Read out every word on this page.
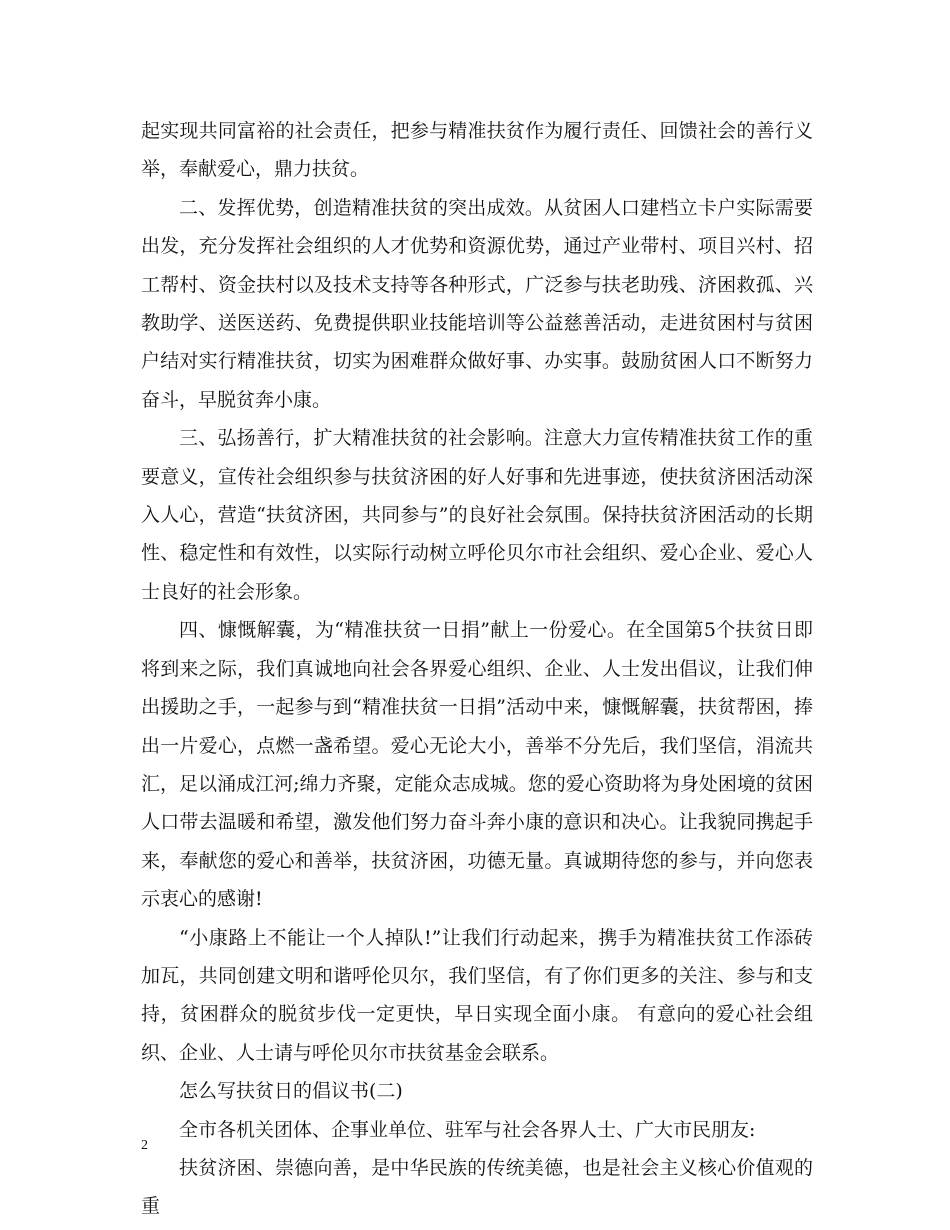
起实现共同富裕的社会责任，把参与精准扶贫作为履行责任、回馈社会的善行义举，奉献爱心，鼎力扶贫。

二、发挥优势，创造精准扶贫的突出成效。从贫困人口建档立卡户实际需要出发，充分发挥社会组织的人才优势和资源优势，通过产业带村、项目兴村、招工帮村、资金扶村以及技术支持等各种形式，广泛参与扶老助残、济困救孤、兴教助学、送医送药、免费提供职业技能培训等公益慈善活动，走进贫困村与贫困户结对实行精准扶贫，切实为困难群众做好事、办实事。鼓励贫困人口不断努力奋斗，早脱贫奔小康。

三、弘扬善行，扩大精准扶贫的社会影响。注意大力宣传精准扶贫工作的重要意义，宣传社会组织参与扶贫济困的好人好事和先进事迹，使扶贫济困活动深入人心，营造“扶贫济困，共同参与”的良好社会氛围。保持扶贫济困活动的长期性、稳定性和有效性，以实际行动树立呼伦贝尔市社会组织、爱心企业、爱心人士良好的社会形象。

四、慷慨解囊，为“精准扶贫一日捐”献上一份爱心。在全国第5个扶贫日即将到来之际，我们真诚地向社会各界爱心组织、企业、人士发出倡议，让我们伸出援助之手，一起参与到“精准扶贫一日捐”活动中来，慷慨解囊，扶贫帮困，捧出一片爱心，点燃一盏希望。爱心无论大小，善举不分先后，我们坚信，涓流共汇，足以涌成江河;绵力齐聚，定能众志成城。您的爱心资助将为身处困境的贫困人口带去温暖和希望，激发他们努力奋斗奔小康的意识和决心。让我貌同携起手来，奉献您的爱心和善举，扶贫济困，功德无量。真诚期待您的参与，并向您表示衷心的感谢!

“小康路上不能让一个人掉队!”让我们行动起来，携手为精准扶贫工作添砖加瓦，共同创建文明和谐呼伦贝尔，我们坚信，有了你们更多的关注、参与和支持，贫困群众的脱贫步伐一定更快，早日实现全面小康。 有意向的爱心社会组织、企业、人士请与呼伦贝尔市扶贫基金会联系。

怎么写扶贫日的倡议书(二)

全市各机关团体、企事业单位、驻军与社会各界人士、广大市民朋友:

扶贫济困、崇德向善，是中华民族的传统美德，也是社会主义核心价值观的重

2
